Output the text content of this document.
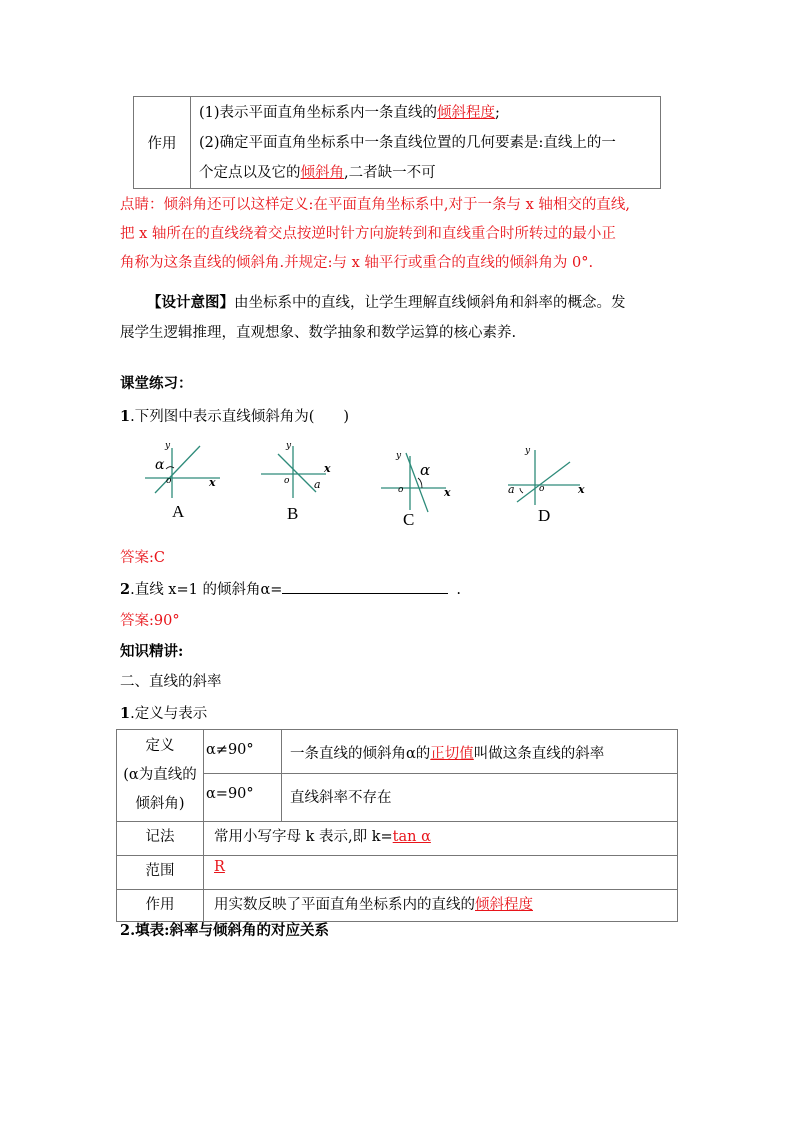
作用	
(1)表示平面直角坐标系内一条直线的倾斜程度;
(2)确定平面直角坐标系中一条直线位置的几何要素是:直线上的一
个定点以及它的倾斜角,二者缺一不可
点睛：倾斜角还可以这样定义:在平面直角坐标系中,对于一条与 x 轴相交的直线,
把 x 轴所在的直线绕着交点按逆时针方向旋转到和直线重合时所转过的最小正
角称为这条直线的倾斜角.并规定:与 x 轴平行或重合的直线的倾斜角为 0°.
【设计意图】由坐标系中的直线，让学生理解直线倾斜角和斜率的概念。发
展学生逻辑推理，直观想象、数学抽象和数学运算的核心素养.
课堂练习：
1.下列图中表示直线倾斜角为(　　)
y
α
o	x
A
y
x
o a
B
y
α
o	x
C
y
a	o	x
D
答案:C
2.直线 x=1 的倾斜角α=	.
答案:90°
知识精讲:
二、直线的斜率
1.定义与表示
定义
(α为直线的
倾斜角)	α≠90°	一条直线的倾斜角α的正切值叫做这条直线的斜率
	α=90°	直线斜率不存在
记法	常用小写字母 k 表示,即 k=tan α	
范围	R	
作用	用实数反映了平面直角坐标系内的直线的倾斜程度	
2.填表:斜率与倾斜角的对应关系
